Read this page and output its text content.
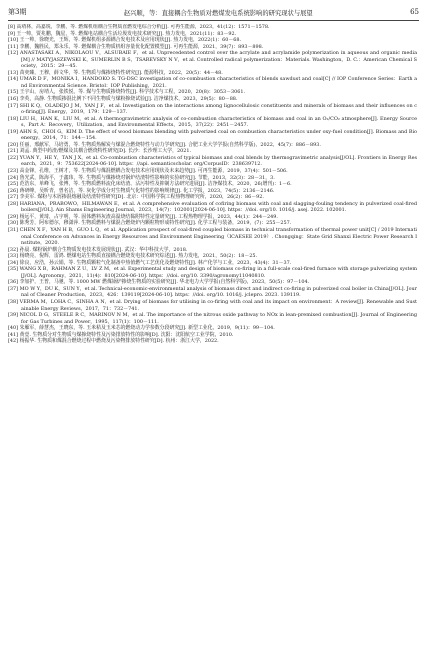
第3期	赵兴顺，等：直接耦合生物质对燃煤发电系统影响的研究现状与展望	65
[8] 高靖林，高嘉锐，李鹏，等. 燃煤机组耦合生物质直燃发电综合分析[J]. 可再生能源，2023，41(12)：1571－1578.
[9] 王一帅，贾兆鹏，魏星，等. 燃煤电站耦合生活垃圾发电技术研究[J]. 热力发电，2021(11)：83－92.
[10] 王一帅，徐晓光，王辉，等. 燃煤机组多源耦合发电技术及应用现状[J]. 热力发电，2022(1)：60－68.
[11] 李鹏，魏胜民，郑永乐，等. 燃煤耦合生物质机组容量优化配置模型[J]. 可再生能源，2021，39(7)：893－898.
[12] ANASTASAKI A，NIKOLAOU V，ALSUBAIE F，et al. Unprecedented control over the acrylate and acrylamide polymerization in aqueous and organic media[M] // MATYJASZEWSKI K，SUMERLIN B S，TSAREVSKY N V，et al. Controlled radical polymerization：Materials. Washington，D. C.：American Chemical Society，2015：29－45.
[13] 苗奕臻，王穆，薛文华，等. 生物质与煤掺烧特性研究[J]. 能源科技，2022，20(5)：44－48.
[14] UMAR D F，MONIKA I，HANDOKO S. TG-DSC investigation of co-combustion characteristics of blends sawdust and coal[C] // IOP Conference Series：Earth and Environmental Science. Bristol：IOP Publishing，2021.
[15] 王宇山，房靖人，张铁悦，等. 煤与生物质掺烧特性[J]. 科学技术与工程，2020，20(8)：3053－3061.
[16] 李英，高静. 生物质掺混比例下不同生物质与煤粉掺烧试验[J]. 洁净煤技术，2023，29(5)：80－88.
[17] SHI K Q，OLADEJO J M，YAN J F，et al. Investigation on the interactions among lignocellulosic constituents and minerals of biomass and their influences on co-firing[J]. Energy，2019，179：129－137.
[18] LIU H，HAN K，LIU M，et al. A thermogravimetric analysis of co-combustion characteristics of biomass and coal in an O₂/CO₂ atmosphere[J]. Energy Sources，Part A：Recovery，Utilization，and Environmental Effects，2015，37(22)：2451－2457.
[19] AHN S，CHOI G，KIM D. The effect of wood biomass blending with pulverized coal on combustion characteristics under oxy-fuel condition[J]. Biomass and Bioenergy，2014，71：144－154.
[20] 任丽，邢献军，马培勇，等. 生物质热解炭与煤混合燃烧特性与动力学研究[J]. 合肥工业大学学报(自然科学版)，2022，45(7)：886－893.
[21] 刘孟. 典型中药渣/燃煤及其耦合燃烧特性研究[D]. 长沙：长沙理工大学，2021.
[22] YUAN Y，HE Y，TAN J X，et al. Co-combustion characteristics of typical biomass and coal blends by thermogravimetric analysis[J/OL]. Frontiers in Energy Research，2021，9：753622[2024-06-10]. https：//api. semanticscholar. org/CorpusID：238639712.
[23] 高金锋，孔维，王树才，等. 生物质与煤混燃耦合发电技术应用现状及未来趋势[J]. 可再生能源，2019，37(4)：501－506.
[24] 鲁光武，陈海平，于鑫玮，等. 生物质与煤掺烧对锅炉结渣特性影响的实验研究[J]. 节能，2013，32(3)：28－31，3.
[25] 范浩东，单峰飞，张博，等. 生物质燃料流化床结渣、沾污特性及抑制方法研究进展[J]. 洁净煤技术，2020，26(增刊)：1－6.
[26] 蒋研峰，吴昕青，曾名洁，等. 灰化学成分对生物质气化特性的影响规律[J]. 化工学报，2023，74(5)：2136－2146.
[27] 李美军. 煤粉与木屑掺混熔融及结渣特性研究[D]. 北京：中国科学院工程热物理研究所，2020，26(2)：86－92.
[28] HARIANA，PRABOWO，HILMAWAN E，et al. A comprehensive evaluation of cofiring biomass with coal and slagging-fouling tendency in pulverized coal-fired boilers[J/OL]. Ain Shams Engineering Journal，2023，14(7)：102001[2024-06-10]. https：//doi. org/10. 1016/j. asej. 2022. 102001.
[29] 杨远平，黄琦，占宇明，等. 固体燃料灰渣高温烧结黏附特性定量研究[J]. 工程热物理学报，2023，44(1)：244－249.
[30] 陈秀芳，阿布德尔，穆潇萍. 生物质燃料与煤混合燃烧炉内颗粒物形成特性研究[J]. 化学工程与装备，2019，(7)：255－257.
[31] CHEN X F，YAN H B，GUO L Q，et al. Application prospect of coal-fired coupled biomass in technical transformation of thermal power unit[C] / 2019 International Conference on Advances in Energy Resources and Environment Engineering（ICAESEE 2019）. Chongqing：State Grid Shanxi Electric Power Research Institute，2020.
[32] 孙晨. 煤粉锅炉耦合生物质发电技术发展现状[J]. 武汉：华中科技大学，2018.
[33] 杨晓亮，倪辉，雷鸿. 燃煤电站生物质直接耦合燃烧发电技术研究综述[J]. 热力发电，2021，50(2)：18－25.
[34] 徐良，应浩，孙云娟，等. 生物质颗粒气化制备中热值燃气工艺优化及燃烧特性[J]. 林产化学与工业，2023，43(4)：31－37.
[35] WANG X B，RAHMAN Z U，LV Z M，et al. Experimental study and design of biomass co-firing in a full-scale coal-fired furnace with storage pulverizing system[J/OL]. Agronomy，2021，11(4)：810[2024-06-10]. https：//doi. org/10. 3390/agronomy11040810.
[36] 李加护，王普，马驰，等. 1000 MW 燃煤锅炉掺烧生物质的实验研究[J]. 华北电力大学学报(自然科学版)，2023，50(5)：97－104.
[37] MO W Y，DU K，SUN Y，et al. Technical-economic-environmental analysis of biomass direct and indirect co-firing in pulverized coal boiler in China[J/OL]. Journal of Cleaner Production，2023，426：139119[2024-06-10]. https：//doi. org/10. 1016/j. jclepro. 2023. 139119.
[38] VERMA M，LOHA C，SINHA A N，et al. Drying of biomass for utilising in co-firing with coal and its impact on environment：A review[J]. Renewable and Sustainable Energy Reviews，2017，71：732－741.
[39] NICOL D G，STEELE R C，MARINOV N M，et al. The importance of the nitrous oxide pathway to NOx in lean-premixed combustion[J]. Journal of Engineering for Gas Turbines and Power，1995，117(1)：100－111.
[40] 朱雁军，薛慧杰，王晓东，等. 玉米秸及玉米芯的燃烧动力学参数分段研究[J]. 新型工业化，2019，9(11)：99－104.
[41] 黄壹. 生物质分对生物质与煤掺烧特性及污染排放特性的影响[D]. 沈阳：沈阳航空工业学院，2010.
[42] 杨振华. 生物质和煤混合燃烧过程中燃烧及污染物排放特性研究[D]. 杭州：浙江大学，2022.
